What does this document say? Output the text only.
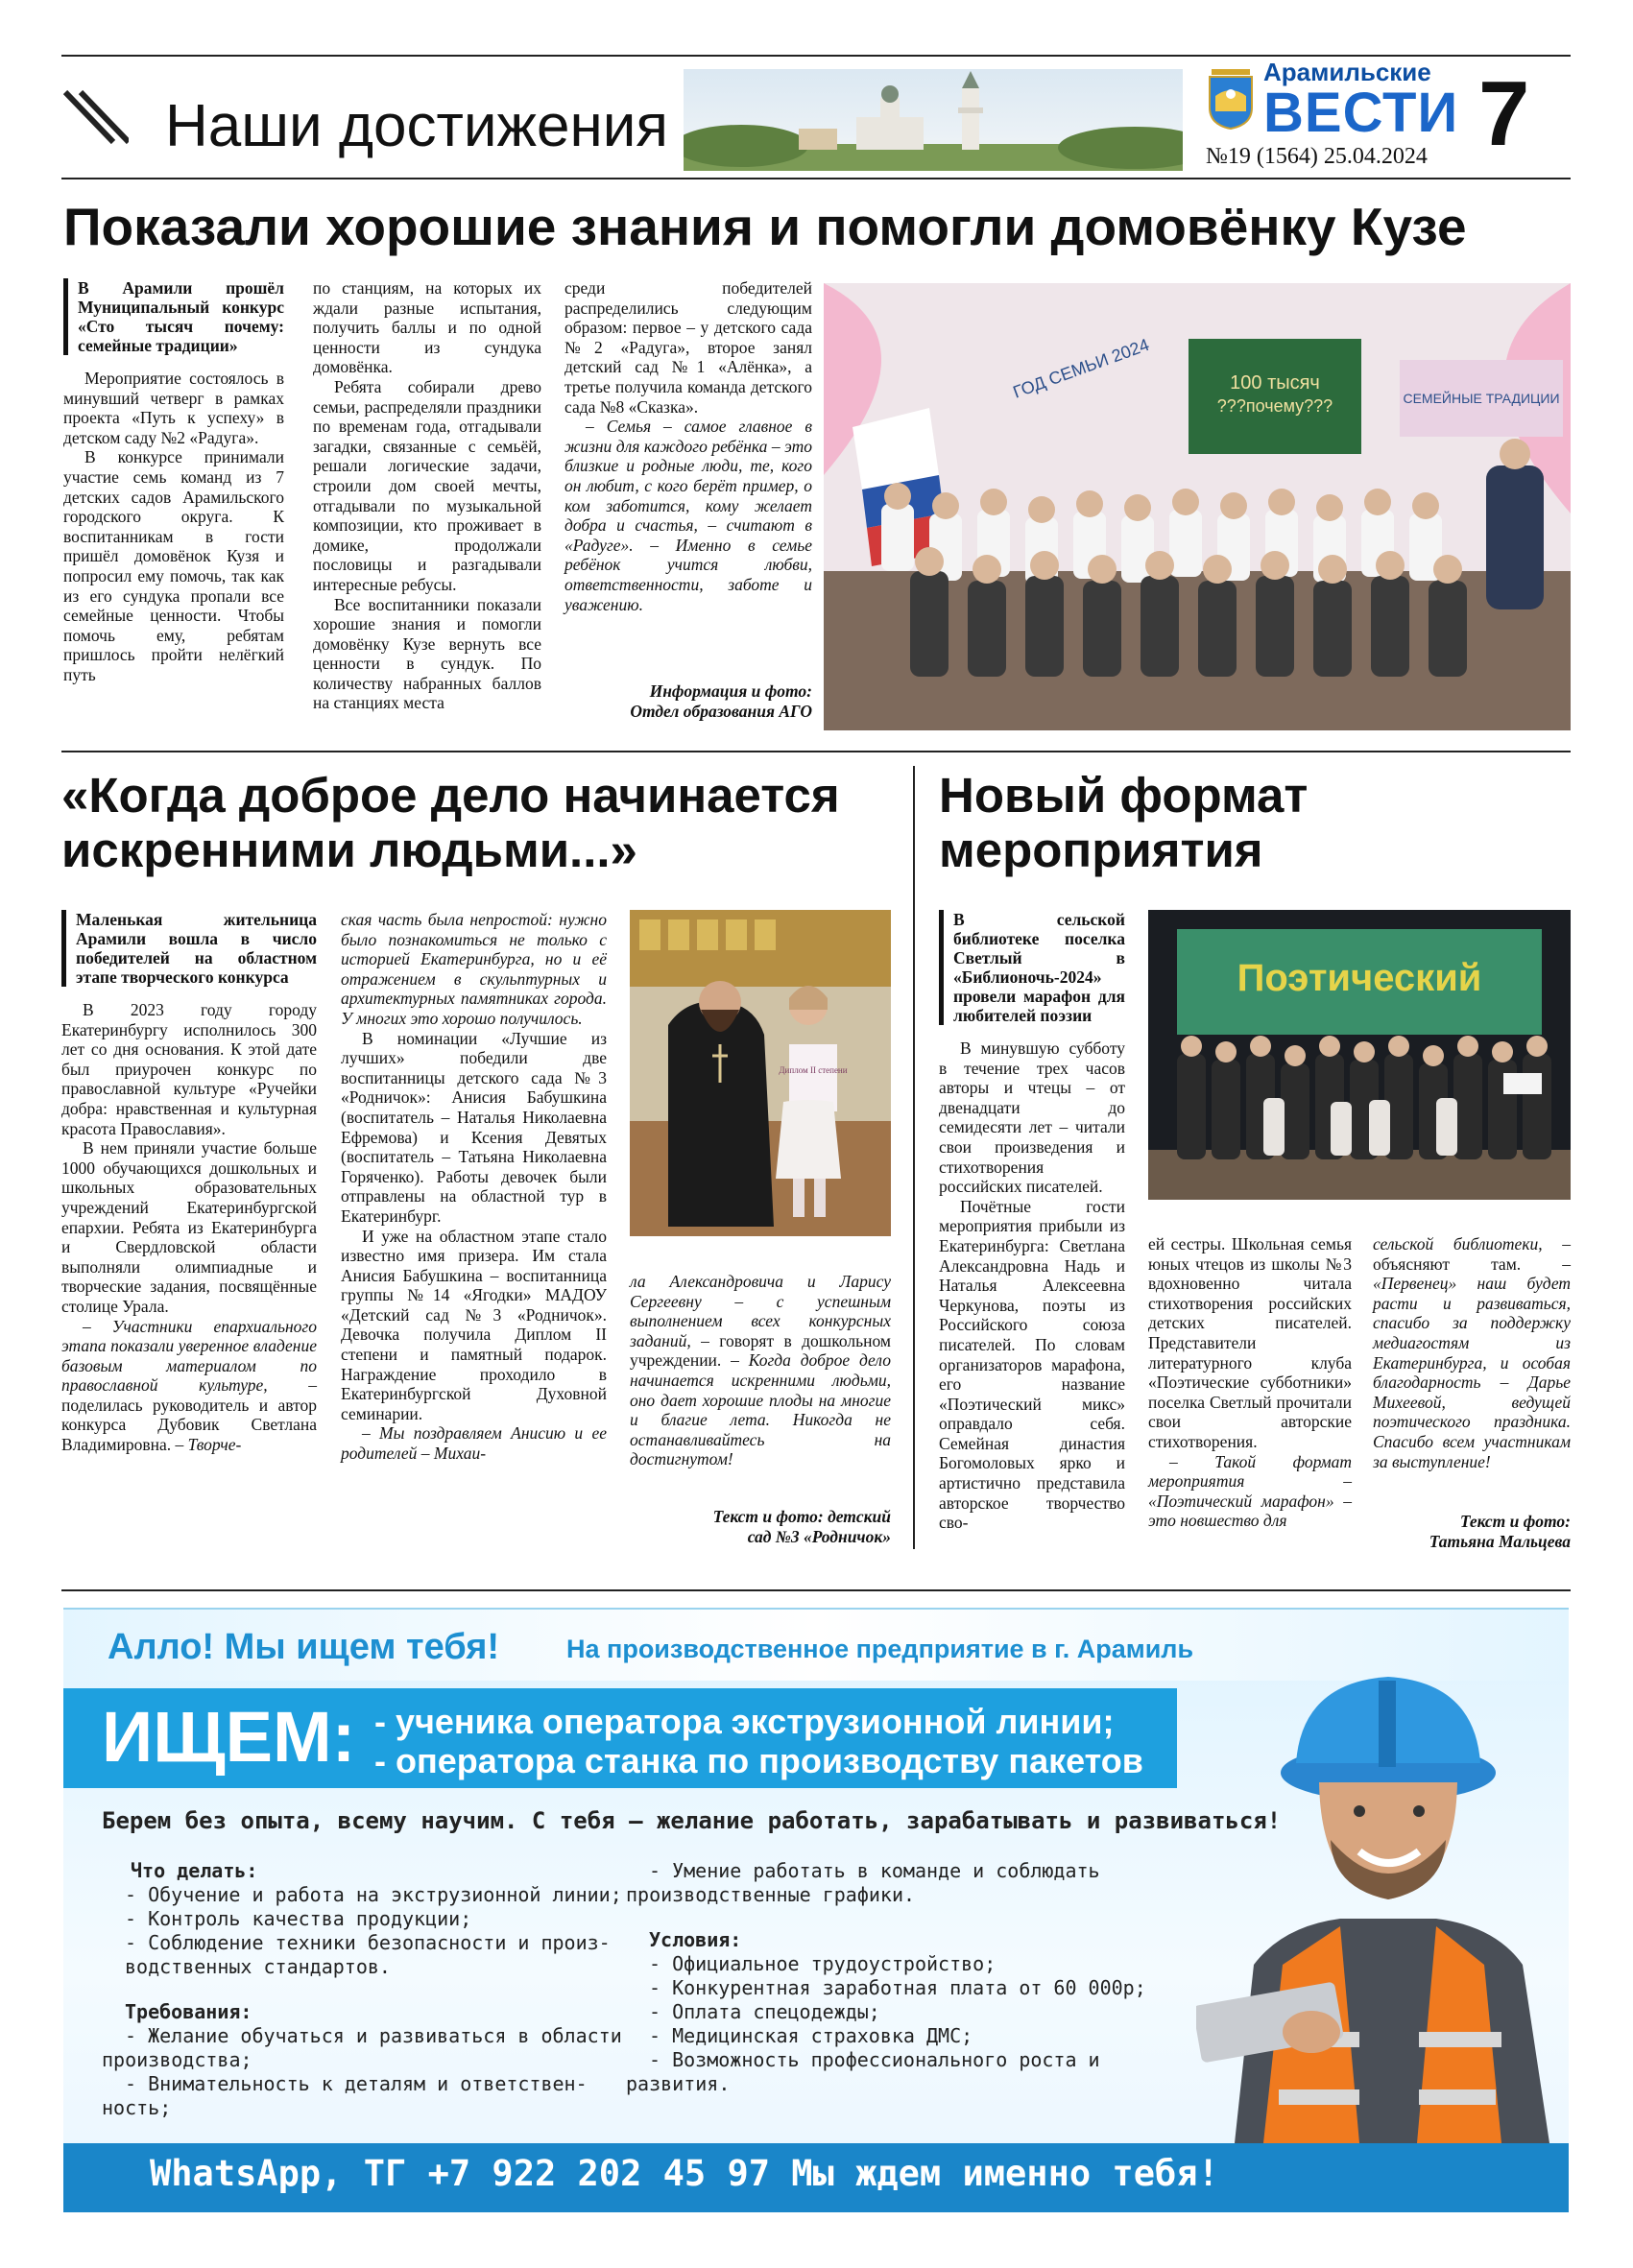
Наши достижения
Арамильские
ВЕСТИ
№19 (1564) 25.04.2024 7
Показали хорошие знания и помогли домовёнку Кузе
В Арамили прошёл Муниципальный конкурс «Сто тысяч почему: семейные традиции»

Мероприятие состоялось в минувший четверг в рамках проекта «Путь к успеху» в детском саду №2 «Радуга».

В конкурсе принимали участие семь команд из 7 детских садов Арамильского городского округа. К воспитанникам в гости пришёл домовёнок Кузя и попросил ему помочь, так как из его сундука пропали все семейные ценности. Чтобы помочь ему, ребятам пришлось пройти нелёгкий путь

по станциям, на которых их ждали разные испытания, получить баллы и по одной ценности из сундука домовёнка.

Ребята собирали древо семьи, распределяли праздники по временам года, отгадывали загадки, связанные с семьёй, решали логические задачи, строили дом своей мечты, отгадывали по музыкальной композиции, кто проживает в домике, продолжали пословицы и разгадывали интересные ребусы.

Все воспитанники показали хорошие знания и помогли домовёнку Кузе вернуть все ценности в сундук. По количеству набранных баллов на станциях места

среди победителей распределились следующим образом: первое – у детского сада №2 «Радуга», второе занял детский сад №1 «Алёнка», а третье получила команда детского сада №8 «Сказка».

– Семья – самое главное в жизни для каждого ребёнка – это близкие и родные люди, те, кого он любит, с кого берёт пример, о ком заботится, кому желает добра и счастья, – считают в «Радуге». – Именно в семье ребёнок учится любви, ответственности, заботе и уважению.

Информация и фото:
Отдел образования АГО
100 тысяч
???почему???
ГОД СЕМЬИ 2024	СЕМЕЙНЫЕ ТРАДИЦИИ
«Когда доброе дело начинается
искренними людьми...»
Маленькая жительница Арамили вошла в число победителей на областном этапе творческого конкурса

В 2023 году городу Екатеринбургу исполнилось 300 лет со дня основания. К этой дате был приурочен конкурс по православной культуре «Ручейки добра: нравственная и культурная красота Православия».

В нем приняли участие больше 1000 обучающихся дошкольных и школьных образовательных учреждений Екатеринбургской епархии. Ребята из Екатеринбурга и Свердловской области выполняли олимпиадные и творческие задания, посвящённые столице Урала.

– Участники епархиального этапа показали уверенное владение базовым материалом по православной культуре, – поделилась руководитель и автор конкурса Дубовик Светлана Владимировна. – Творче-

ская часть была непростой: нужно было познакомиться не только с историей Екатеринбурга, но и её отражением в скульптурных и архитектурных памятниках города. У многих это хорошо получилось.

В номинации «Лучшие из лучших» победили две воспитанницы детского сада №3 «Родничок»: Анисия Бабушкина (воспитатель – Наталья Николаевна Ефремова) и Ксения Девятых (воспитатель – Татьяна Николаевна Горяченко). Работы девочек были отправлены на областной тур в Екатеринбург.

И уже на областном этапе стало известно имя призера. Им стала Анисия Бабушкина – воспитанница группы №14 «Ягодки» МАДОУ «Детский сад №3 «Родничок». Девочка получила Диплом II степени и памятный подарок. Награждение проходило в Екатеринбургской Духовной семинарии.

– Мы поздравляем Анисию и ее родителей – Михаи-

Диплом II степени

ла Александровича и Ларису Сергеевну – с успешным выполнением всех конкурсных заданий, – говорят в дошкольном учреждении. – Когда доброе дело начинается искренними людьми, оно дает хорошие плоды на многие и благие лета. Никогда не останавливайтесь на достигнутом!

Текст и фото: детский
сад №3 «Родничок»
Новый формат
мероприятия
В сельской библиотеке поселка Светлый в «Библионочь-2024» провели марафон для любителей поэзии

В минувшую субботу в течение трех часов авторы и чтецы – от двенадцати до семидесяти лет – читали свои произведения и стихотворения российских писателей.

Почётные гости мероприятия прибыли из Екатеринбурга: Светлана Александровна Надь и Наталья Алексеевна Черкунова, поэты из Российского союза писателей. По словам организаторов марафона, его название «Поэтический микс» оправдало себя. Семейная династия Богомоловых ярко и артистично представила авторское творчество сво-

Поэтический

ей сестры. Школьная семья юных чтецов из школы №3 вдохновенно читала стихотворения российских детских писателей. Представители литературного клуба «Поэтические субботники» поселка Светлый прочитали свои авторские стихотворения.

– Такой формат мероприятия – «Поэтический марафон» – это новшество для

сельской библиотеки, – объясняют там. – «Первенец» наш будет расти и развиваться, спасибо за поддержку медиагостям из Екатеринбурга, и особая благодарность – Дарье Михеевой, ведущей поэтического праздника. Спасибо всем участникам за выступление!

Текст и фото:
Татьяна Мальцева
Алло! Мы ищем тебя!	На производственное предприятие в г. Арамиль
ИЩЕМ: - ученика оператора экструзионной линии;
- оператора станка по производству пакетов
Берем без опыта, всему научим. С тебя – желание работать, зарабатывать и развиваться!
Что делать:
- Обучение и работа на экструзионной линии;
- Контроль качества продукции;
- Соблюдение техники безопасности и произ-
водственных стандартов.
Требования:
- Желание обучаться и развиваться в области
производства;
- Внимательность к деталям и ответствен-
ность;
- Умение работать в команде и соблюдать
производственные графики.
Условия:
- Официальное трудоустройство;
- Конкурентная заработная плата от 60 000р;
- Оплата спецодежды;
- Медицинская страховка ДМС;
- Возможность профессионального роста и
развития.
WhatsApp, ТГ +7 922 202 45 97 Мы ждем именно тебя!
